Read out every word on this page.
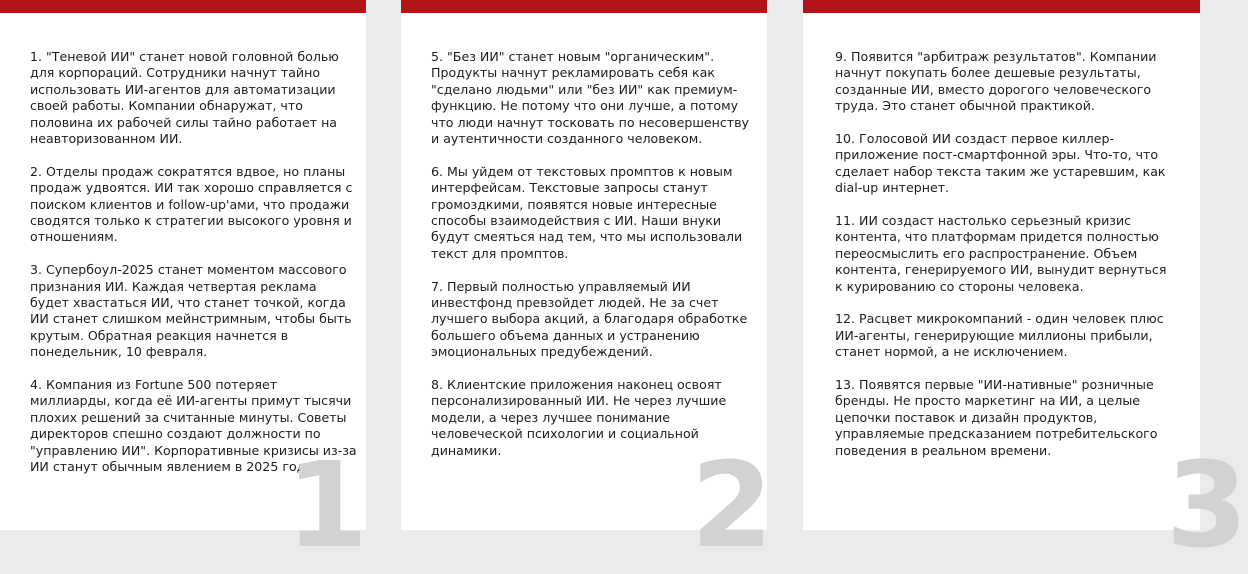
1. "Теневой ИИ" станет новой головной болью для корпораций. Сотрудники начнут тайно использовать ИИ-агентов для автоматизации своей работы. Компании обнаружат, что половина их рабочей силы тайно работает на неавторизованном ИИ.

2. Отделы продаж сократятся вдвое, но планы продаж удвоятся. ИИ так хорошо справляется с поиском клиентов и follow-up'ами, что продажи сводятся только к стратегии высокого уровня и отношениям.

3. Супербоул-2025 станет моментом массового признания ИИ. Каждая четвертая реклама будет хвастаться ИИ, что станет точкой, когда ИИ станет слишком мейнстримным, чтобы быть крутым. Обратная реакция начнется в понедельник, 10 февраля.

4. Компания из Fortune 500 потеряет миллиарды, когда её ИИ-агенты примут тысячи плохих решений за считанные минуты. Советы директоров спешно создают должности по "управлению ИИ". Корпоративные кризисы из-за ИИ станут обычным явлением в 2025 году.

1

5. "Без ИИ" станет новым "органическим". Продукты начнут рекламировать себя как "сделано людьми" или "без ИИ" как премиум-функцию. Не потому что они лучше, а потому что люди начнут тосковать по несовершенству и аутентичности созданного человеком.

6. Мы уйдем от текстовых промптов к новым интерфейсам. Текстовые запросы станут громоздкими, появятся новые интересные способы взаимодействия с ИИ. Наши внуки будут смеяться над тем, что мы использовали текст для промптов.

7. Первый полностью управляемый ИИ инвестфонд превзойдет людей. Не за счет лучшего выбора акций, а благодаря обработке большего объема данных и устранению эмоциональных предубеждений.

8. Клиентские приложения наконец освоят персонализированный ИИ. Не через лучшие модели, а через лучшее понимание человеческой психологии и социальной динамики.	2

9. Появится "арбитраж результатов". Компании начнут покупать более дешевые результаты, созданные ИИ, вместо дорогого человеческого труда. Это станет обычной практикой.

10. Голосовой ИИ создаст первое киллер-приложение пост-смартфонной эры. Что-то, что сделает набор текста таким же устаревшим, как dial-up интернет.

11. ИИ создаст настолько серьезный кризис контента, что платформам придется полностью переосмыслить его распространение. Объем контента, генерируемого ИИ, вынудит вернуться к курированию со стороны человека.

12. Расцвет микрокомпаний - один человек плюс ИИ-агенты, генерирующие миллионы прибыли, станет нормой, а не исключением.

13. Появятся первые "ИИ-нативные" розничные бренды. Не просто маркетинг на ИИ, а целые цепочки поставок и дизайн продуктов, управляемые предсказанием потребительского поведения в реальном времени. 3
